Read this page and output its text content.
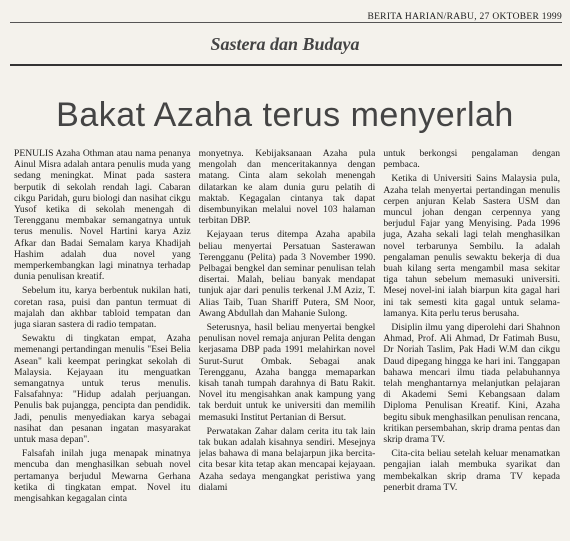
BERITA HARIAN/RABU, 27 OKTOBER 1999
Sastera dan Budaya
Bakat Azaha terus menyerlah

PENULIS Azaha Othman atau nama penanya Ainul Misra adalah antara penulis muda yang sedang meningkat. Minat pada sastera berputik di sekolah rendah lagi. Cabaran cikgu Paridah, guru biologi dan nasihat cikgu Yusof ketika di sekolah menengah di Terengganu membakar semangatnya untuk terus menulis. Novel Hartini karya Aziz Afkar dan Badai Semalam karya Khadijah Hashim adalah dua novel yang memperkembangkan lagi minatnya terhadap dunia penulisan kreatif.

Sebelum itu, karya berbentuk nukilan hati, coretan rasa, puisi dan pantun termuat di majalah dan akhbar tabloid tempatan dan juga siaran sastera di radio tempatan.

Sewaktu di tingkatan empat, Azaha memenangi pertandingan menulis "Esei Belia Asean" kali keempat peringkat sekolah di Malaysia. Kejayaan itu menguatkan semangatnya untuk terus menulis. Falsafahnya: "Hidup adalah perjuangan. Penulis bak pujangga, pencipta dan pendidik. Jadi, penulis menyediakan karya sebagai nasihat dan pesanan ingatan masyarakat untuk masa depan".

Falsafah inilah juga menapak minatnya mencuba dan menghasilkan sebuah novel pertamanya berjudul Mewarna Gerhana ketika di tingkatan empat. Novel itu mengisahkan kegagalan cinta

monyetnya. Kebijaksanaan Azaha pula mengolah dan menceritakannya dengan matang. Cinta alam sekolah menengah dilatarkan ke alam dunia guru pelatih di maktab. Kegagalan cintanya tak dapat disembunyikan melalui novel 103 halaman terbitan DBP.

Kejayaan terus ditempa Azaha apabila beliau menyertai Persatuan Sasterawan Terengganu (Pelita) pada 3 November 1990. Pelbagai bengkel dan seminar penulisan telah disertai. Malah, beliau banyak mendapat tunjuk ajar dari penulis terkenal J.M Aziz, T. Alias Taib, Tuan Shariff Putera, SM Noor, Awang Abdullah dan Mahanie Sulong.

Seterusnya, hasil beliau menyertai bengkel penulisan novel remaja anjuran Pelita dengan kerjasama DBP pada 1991 melahirkan novel Surut-Surut Ombak. Sebagai anak Terengganu, Azaha bangga memaparkan kisah tanah tumpah darahnya di Batu Rakit. Novel itu mengisahkan anak kampung yang tak berduit untuk ke universiti dan memilih memasuki Institut Pertanian di Bersut.

Perwatakan Zahar dalam cerita itu tak lain tak bukan adalah kisahnya sendiri. Mesejnya jelas bahawa di mana belajarpun jika bercita-cita besar kita tetap akan mencapai kejayaan. Azaha sedaya mengangkat peristiwa yang dialami

untuk berkongsi pengalaman dengan pembaca.

Ketika di Universiti Sains Malaysia pula, Azaha telah menyertai pertandingan menulis cerpen anjuran Kelab Sastera USM dan muncul johan dengan cerpennya yang berjudul Fajar yang Menyising. Pada 1996 juga, Azaha sekali lagi telah menghasilkan novel terbarunya Sembilu. Ia adalah pengalaman penulis sewaktu bekerja di dua buah kilang serta mengambil masa sekitar tiga tahun sebelum memasuki universiti. Mesej novel-ini ialah biarpun kita gagal hari ini tak semesti kita gagal untuk selama-lamanya. Kita perlu terus berusaha.

Disiplin ilmu yang diperolehi dari Shahnon Ahmad, Prof. Ali Ahmad, Dr Fatimah Busu, Dr Noriah Taslim, Pak Hadi W.M dan cikgu Daud dipegang hingga ke hari ini. Tanggapan bahawa mencari ilmu tiada pelabuhannya telah menghantarnya melanjutkan pelajaran di Akademi Semi Kebangsaan dalam Diploma Penulisan Kreatif. Kini, Azaha begitu sibuk menghasilkan penulisan rencana, kritikan persembahan, skrip drama pentas dan skrip drama TV.

Cita-cita beliau setelah keluar menamatkan pengajian ialah membuka syarikat dan membekalkan skrip drama TV kepada penerbit drama TV.
